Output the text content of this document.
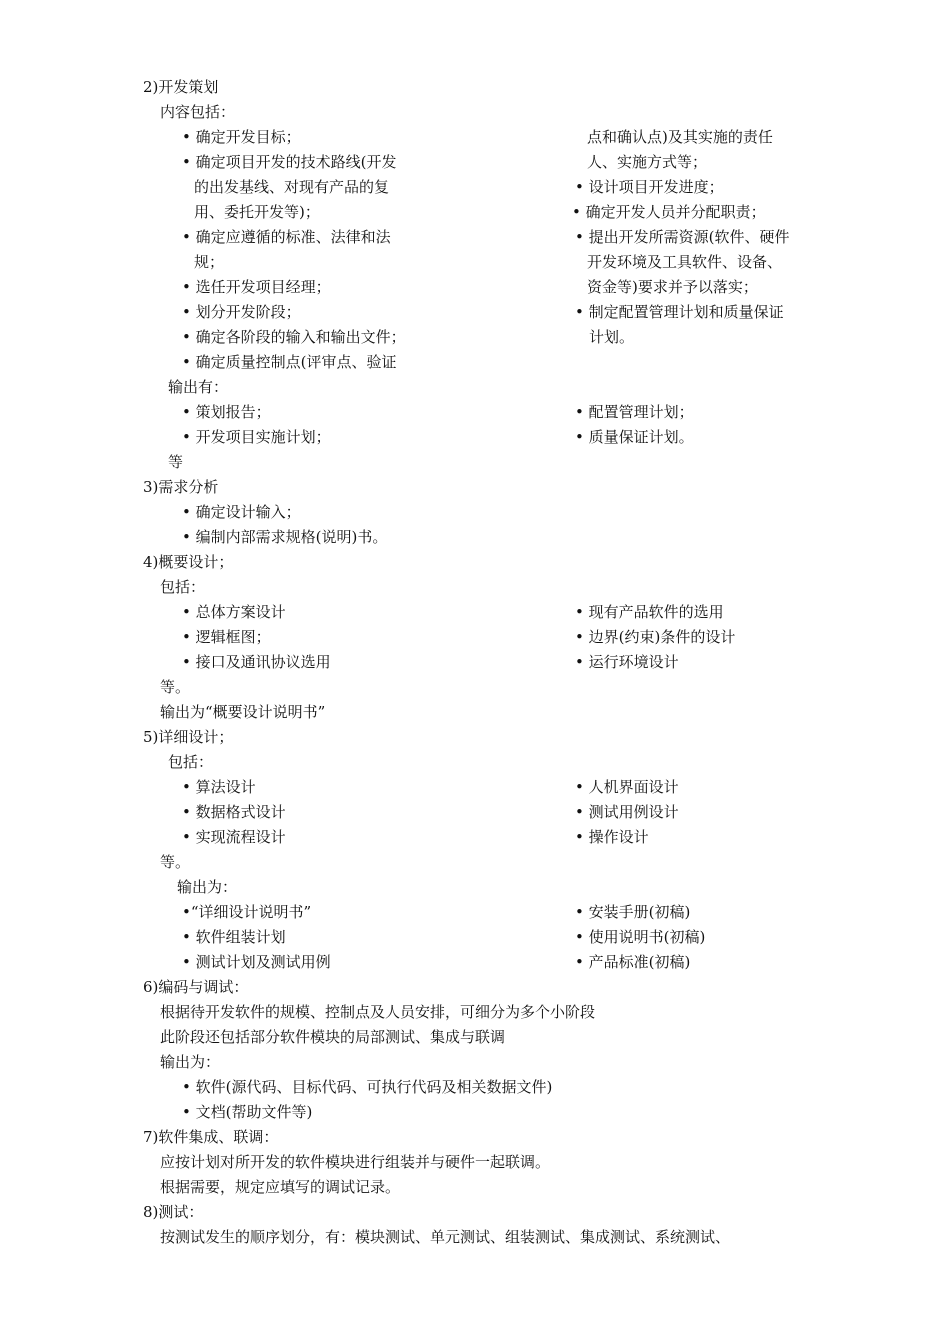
2)开发策划
内容包括：
• 确定开发目标；
• 确定项目开发的技术路线(开发
的出发基线、对现有产品的复
用、委托开发等)；
• 确定应遵循的标准、法律和法
规；
• 选任开发项目经理；
• 划分开发阶段；
• 确定各阶段的输入和输出文件；
• 确定质量控制点(评审点、验证
点和确认点)及其实施的责任
人、实施方式等；
• 设计项目开发进度；
• 确定开发人员并分配职责；
• 提出开发所需资源(软件、硬件
开发环境及工具软件、设备、
资金等)要求并予以落实；
• 制定配置管理计划和质量保证
计划。
输出有：
• 策划报告；
• 开发项目实施计划；
• 配置管理计划；
• 质量保证计划。
等
3)需求分析
• 确定设计输入；
• 编制内部需求规格(说明)书。
4)概要设计；
包括：
• 总体方案设计
• 逻辑框图；
• 接口及通讯协议选用
• 现有产品软件的选用
• 边界(约束)条件的设计
• 运行环境设计
等。
输出为“概要设计说明书”
5)详细设计；
包括：
• 算法设计
• 数据格式设计
• 实现流程设计
• 人机界面设计
• 测试用例设计
• 操作设计
等。
输出为：
•“详细设计说明书”
• 软件组装计划
• 测试计划及测试用例
• 安装手册(初稿)
• 使用说明书(初稿)
• 产品标准(初稿)
6)编码与调试：
根据待开发软件的规模、控制点及人员安排，可细分为多个小阶段
此阶段还包括部分软件模块的局部测试、集成与联调
输出为：
• 软件(源代码、目标代码、可执行代码及相关数据文件)
• 文档(帮助文件等)
7)软件集成、联调：
应按计划对所开发的软件模块进行组装并与硬件一起联调。
根据需要，规定应填写的调试记录。
8)测试：
按测试发生的顺序划分，有：模块测试、单元测试、组装测试、集成测试、系统测试、
